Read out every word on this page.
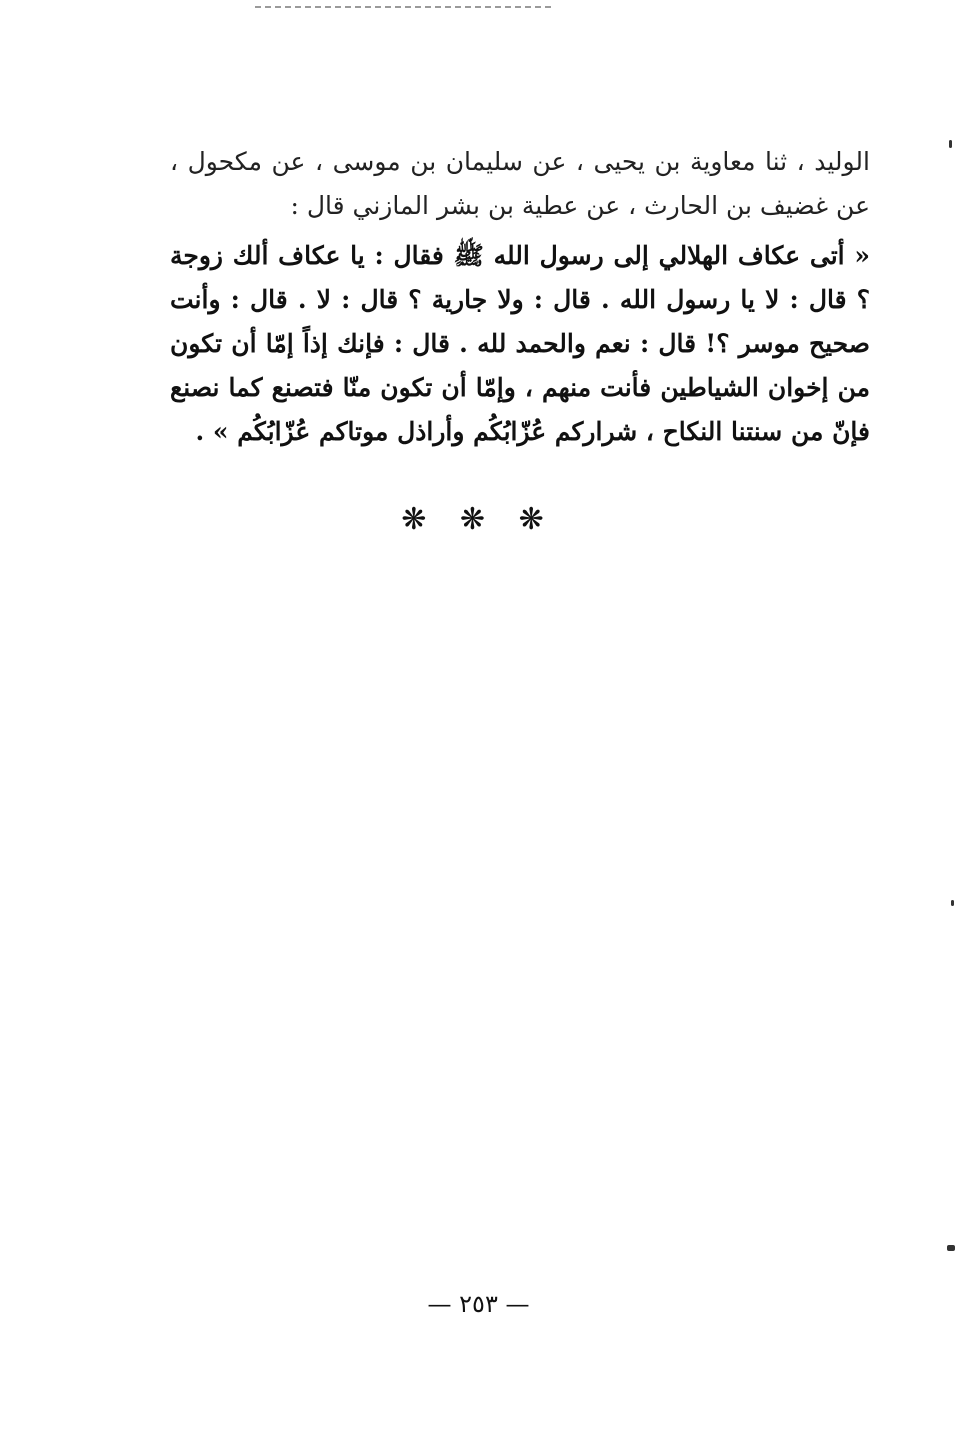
الوليد ، ثنا معاوية بن يحيى ، عن سليمان بن موسى ، عن مكحول ، عن غضيف بن الحارث ، عن عطية بن بشر المازني قال :

« أتى عكاف الهلالي إلى رسول الله ﷺ فقال : يا عكاف ألك زوجة ؟ قال : لا يا رسول الله . قال : ولا جارية ؟ قال : لا . قال : وأنت صحيح موسر ؟! قال : نعم والحمد لله . قال : فإنك إذاً إمّا أن تكون من إخوان الشياطين فأنت منهم ، وإمّا أن تكون منّا فتصنع كما نصنع فإنّ من سنتنا النكاح ، شراركم عُزّابُكُم وأراذل موتاكم عُزّابُكُم » .

❋ ❋ ❋
— ٢٥٣ —
